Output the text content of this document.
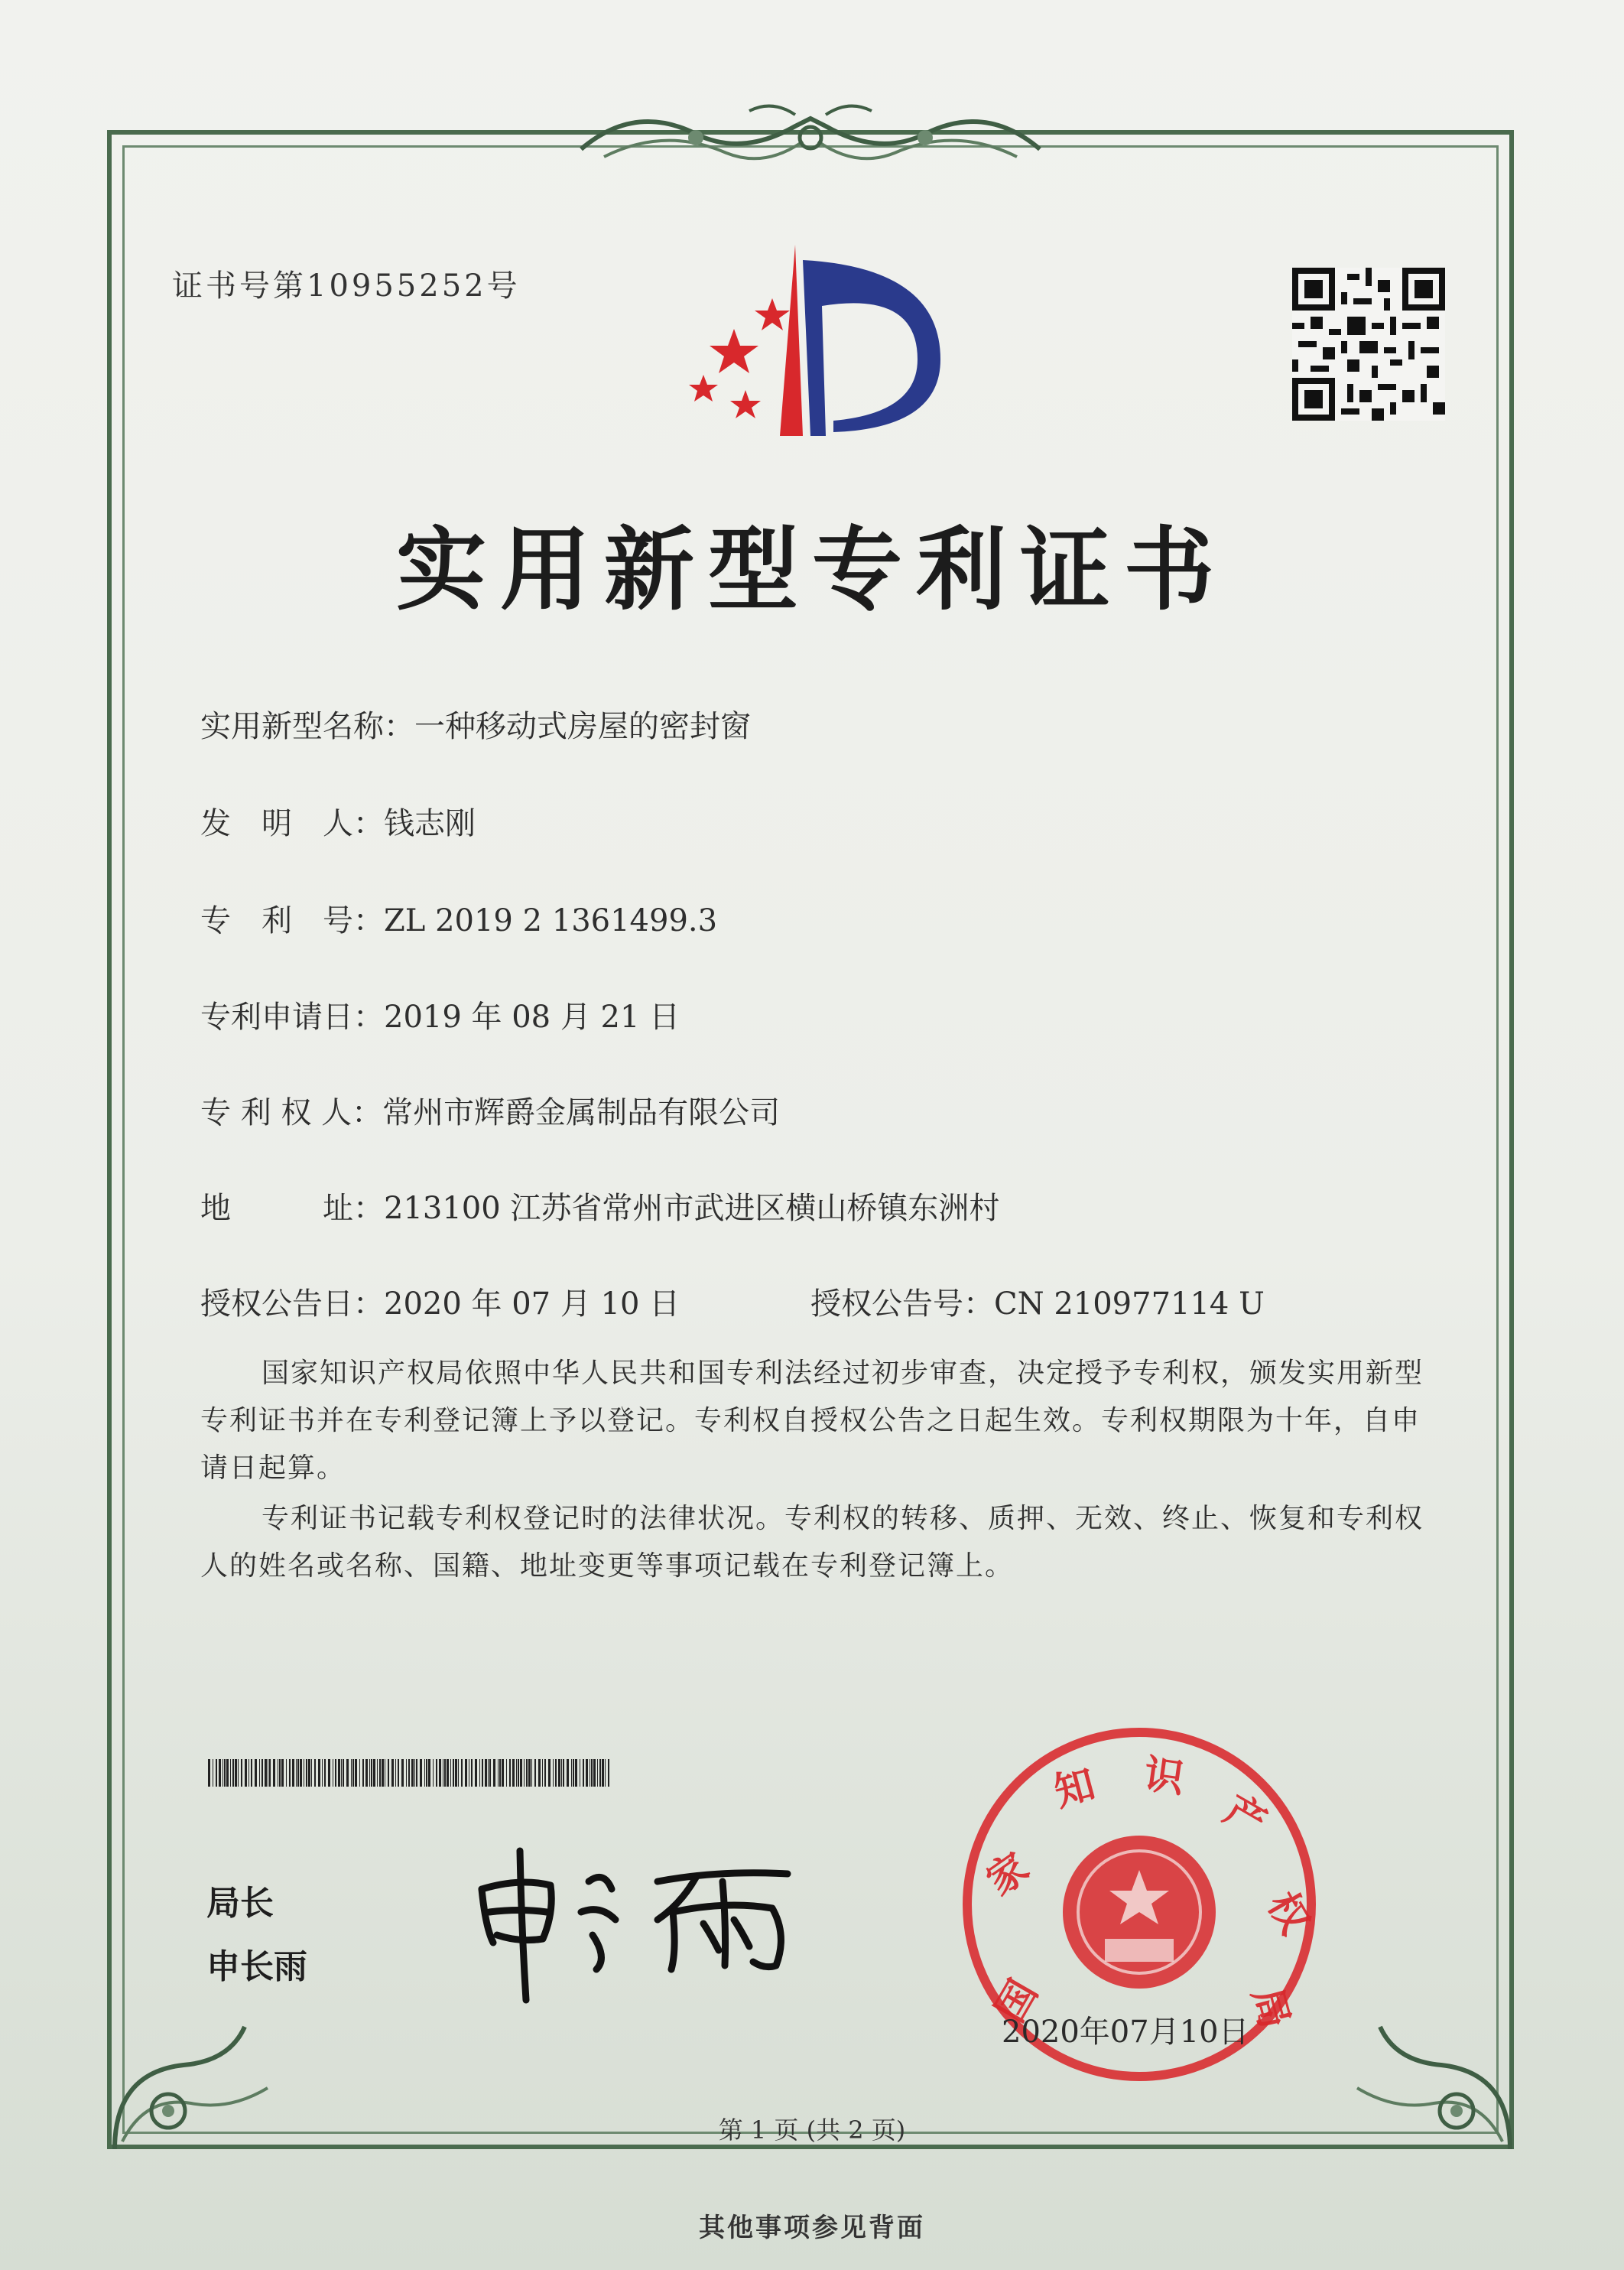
证书号第10955252号
实用新型专利证书
实用新型名称：一种移动式房屋的密封窗
发　明　人：钱志刚
专　利　号：ZL 2019 2 1361499.3
专利申请日：2019 年 08 月 21 日
专 利 权 人：常州市辉爵金属制品有限公司
地　　　址：213100 江苏省常州市武进区横山桥镇东洲村
授权公告日：2020 年 07 月 10 日	授权公告号：CN 210977114 U
国家知识产权局依照中华人民共和国专利法经过初步审查，决定授予专利权，颁发实用新型专利证书并在专利登记簿上予以登记。专利权自授权公告之日起生效。专利权期限为十年，自申请日起算。
专利证书记载专利权登记时的法律状况。专利权的转移、质押、无效、终止、恢复和专利权人的姓名或名称、国籍、地址变更等事项记载在专利登记簿上。
局长
申长雨
国
家
知 识
产
权
局
2020年07月10日
第 1 页 (共 2 页)
其他事项参见背面
